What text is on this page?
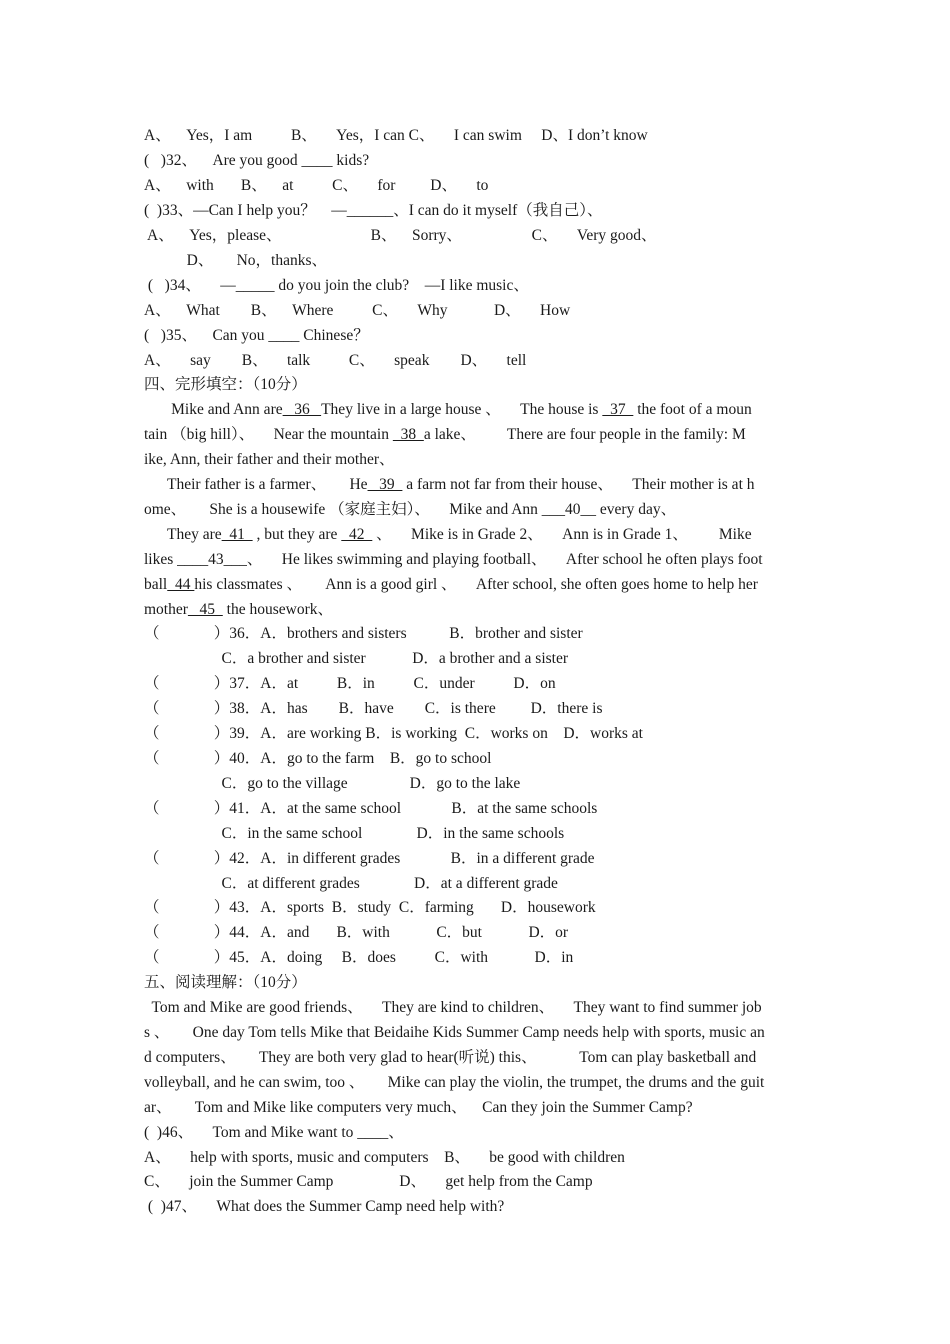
A、    Yes，I am          B、     Yes，I can C、     I can swim     D、I don’t know
(   )32、    Are you good ____ kids?
A、    with       B、    at          C、     for         D、     to
(  )33、—Can I help you？    —______、I can do it myself（我自己）、
A、    Yes，please、                       B、    Sorry、                  C、     Very good、
D、      No，thanks、
(   )34、     —_____ do you join the club?    —I like music、
A、    What        B、    Where          C、     Why            D、     How
(   )35、    Can you ____ Chinese？
A、     say        B、     talk          C、     speak        D、     tell
四、完形填空：（10分）
Mike and Ann are   36   They live in a large house 、     The house is   37   the foot of a moun
tain （big hill）、     Near the mountain   38  a lake、        There are four people in the family: M
ike, Ann, their father and their mother、
Their father is a farmer、      He   39   a farm not far from their house、     Their mother is at h
ome、      She is a housewife （家庭主妇）、     Mike and Ann ___40__ every day、
They are  41   , but they are   42   、     Mike is in Grade 2、     Ann is in Grade 1、        Mike
likes ____43___、     He likes swimming and playing football、     After school he often plays foot
ball  44 his classmates 、      Ann is a good girl 、     After school, she often goes home to help her
mother   45   the housework、
（              ）36．A．brothers and sisters           B．brother and sister
C．a brother and sister            D．a brother and a sister
（              ）37．A．at          B．in          C．under          D．on
（              ）38．A．has        B．have        C．is there         D．there is
（              ）39．A．are working B．is working  C．works on    D．works at
（              ）40．A．go to the farm    B．go to school
C．go to the village                D．go to the lake
（              ）41．A．at the same school             B．at the same schools
C．in the same school              D．in the same schools
（              ）42．A．in different grades             B．in a different grade
C．at different grades              D．at a different grade
（              ）43．A．sports  B．study  C．farming       D．housework
（              ）44．A．and       B．with            C．but            D．or
（              ）45．A．doing     B．does          C．with            D．in
五、阅读理解：（10分）
Tom and Mike are good friends、     They are kind to children、     They want to find summer job
s 、      One day Tom tells Mike that Beidaihe Kids Summer Camp needs help with sports, music an
d computers、      They are both very glad to hear(听说) this、           Tom can play basketball and
volleyball, and he can swim, too 、      Mike can play the violin, the trumpet, the drums and the guit
ar、      Tom and Mike like computers very much、    Can they join the Summer Camp?
(  )46、     Tom and Mike want to ____、
A、     help with sports, music and computers    B、     be good with children
C、     join the Summer Camp                 D、     get help from the Camp
(  )47、     What does the Summer Camp need help with?
